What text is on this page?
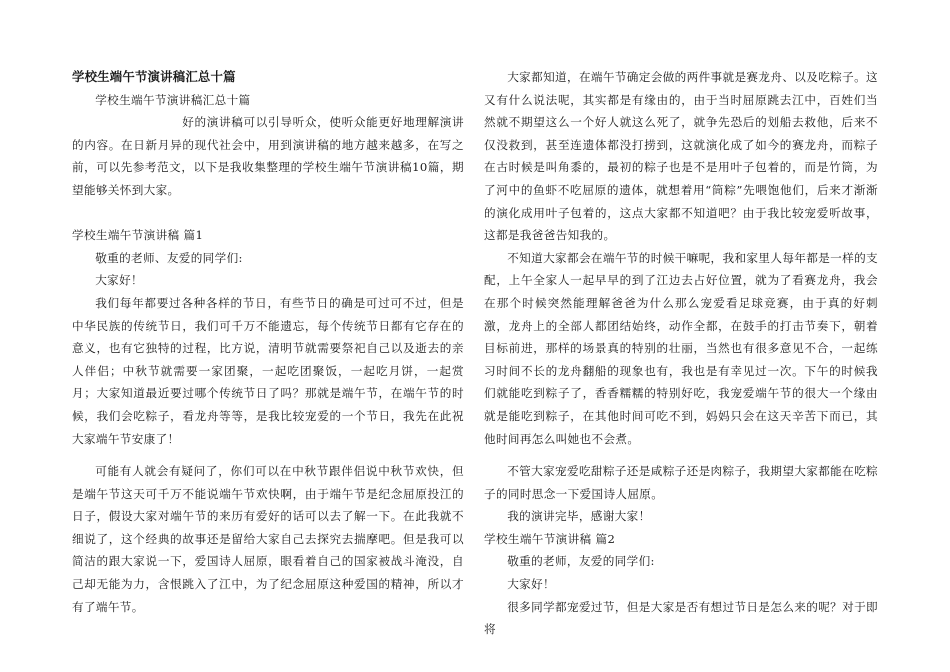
学校生端午节演讲稿汇总十篇

学校生端午节演讲稿汇总十篇

好的演讲稿可以引导听众，使听众能更好地理解演讲的内容。在日新月异的现代社会中，用到演讲稿的地方越来越多，在写之前，可以先参考范文，以下是我收集整理的学校生端午节演讲稿10篇，期望能够关怀到大家。

学校生端午节演讲稿 篇1

敬重的老师、友爱的同学们:

大家好！

我们每年都要过各种各样的节日，有些节日的确是可过可不过，但是中华民族的传统节日，我们可千万不能遗忘，每个传统节日都有它存在的意义，也有它独特的过程，比方说，清明节就需要祭祀自己以及逝去的亲人伴侣；中秋节就需要一家团聚，一起吃团聚饭，一起吃月饼，一起赏月；大家知道最近要过哪个传统节日了吗？那就是端午节，在端午节的时候，我们会吃粽子，看龙舟等等，是我比较宠爱的一个节日，我先在此祝大家端午节安康了！

可能有人就会有疑问了，你们可以在中秋节跟伴侣说中秋节欢快，但是端午节这天可千万不能说端午节欢快啊，由于端午节是纪念屈原投江的日子，假设大家对端午节的来历有爱好的话可以去了解一下。在此我就不细说了，这个经典的故事还是留给大家自己去探究去揣摩吧。但是我可以简洁的跟大家说一下，爱国诗人屈原，眼看着自己的国家被战斗淹没，自己却无能为力，含恨跳入了江中，为了纪念屈原这种爱国的精神，所以才有了端午节。

大家都知道，在端午节确定会做的两件事就是赛龙舟、以及吃粽子。这又有什么说法呢，其实都是有缘由的，由于当时屈原跳去江中，百姓们当然就不期望这么一个好人就这么死了，就争先恐后的划船去救他，后来不仅没救到，甚至连遗体都没打捞到，这就演化成了如今的赛龙舟，而粽子在古时候是叫角黍的，最初的粽子也是不是用叶子包着的，而是竹筒，为了河中的鱼虾不吃屈原的遗体，就想着用“筒粽”先喂饱他们，后来才渐渐的演化成用叶子包着的，这点大家都不知道吧？由于我比较宠爱听故事，这都是我爸爸告知我的。

不知道大家都会在端午节的时候干嘛呢，我和家里人每年都是一样的支配，上午全家人一起早早的到了江边去占好位置，就为了看赛龙舟，我会在那个时候突然能理解爸爸为什么那么宠爱看足球竞赛，由于真的好刺激，龙舟上的全部人都团结始终，动作全都，在鼓手的打击节奏下，朝着目标前进，那样的场景真的特别的壮丽，当然也有很多意见不合，一起练习时间不长的龙舟翻船的现象也有，我也是有幸见过一次。下午的时候我们就能吃到粽子了，香香糯糯的特别好吃，我宠爱端午节的很大一个缘由就是能吃到粽子，在其他时间可吃不到，妈妈只会在这天辛苦下而已，其他时间再怎么叫她也不会煮。

不管大家宠爱吃甜粽子还是咸粽子还是肉粽子，我期望大家都能在吃粽子的同时思念一下爱国诗人屈原。

我的演讲完毕，感谢大家！

学校生端午节演讲稿 篇2

敬重的老师，友爱的同学们:

大家好！

很多同学都宠爱过节，但是大家是否有想过节日是怎么来的呢？对于即将
